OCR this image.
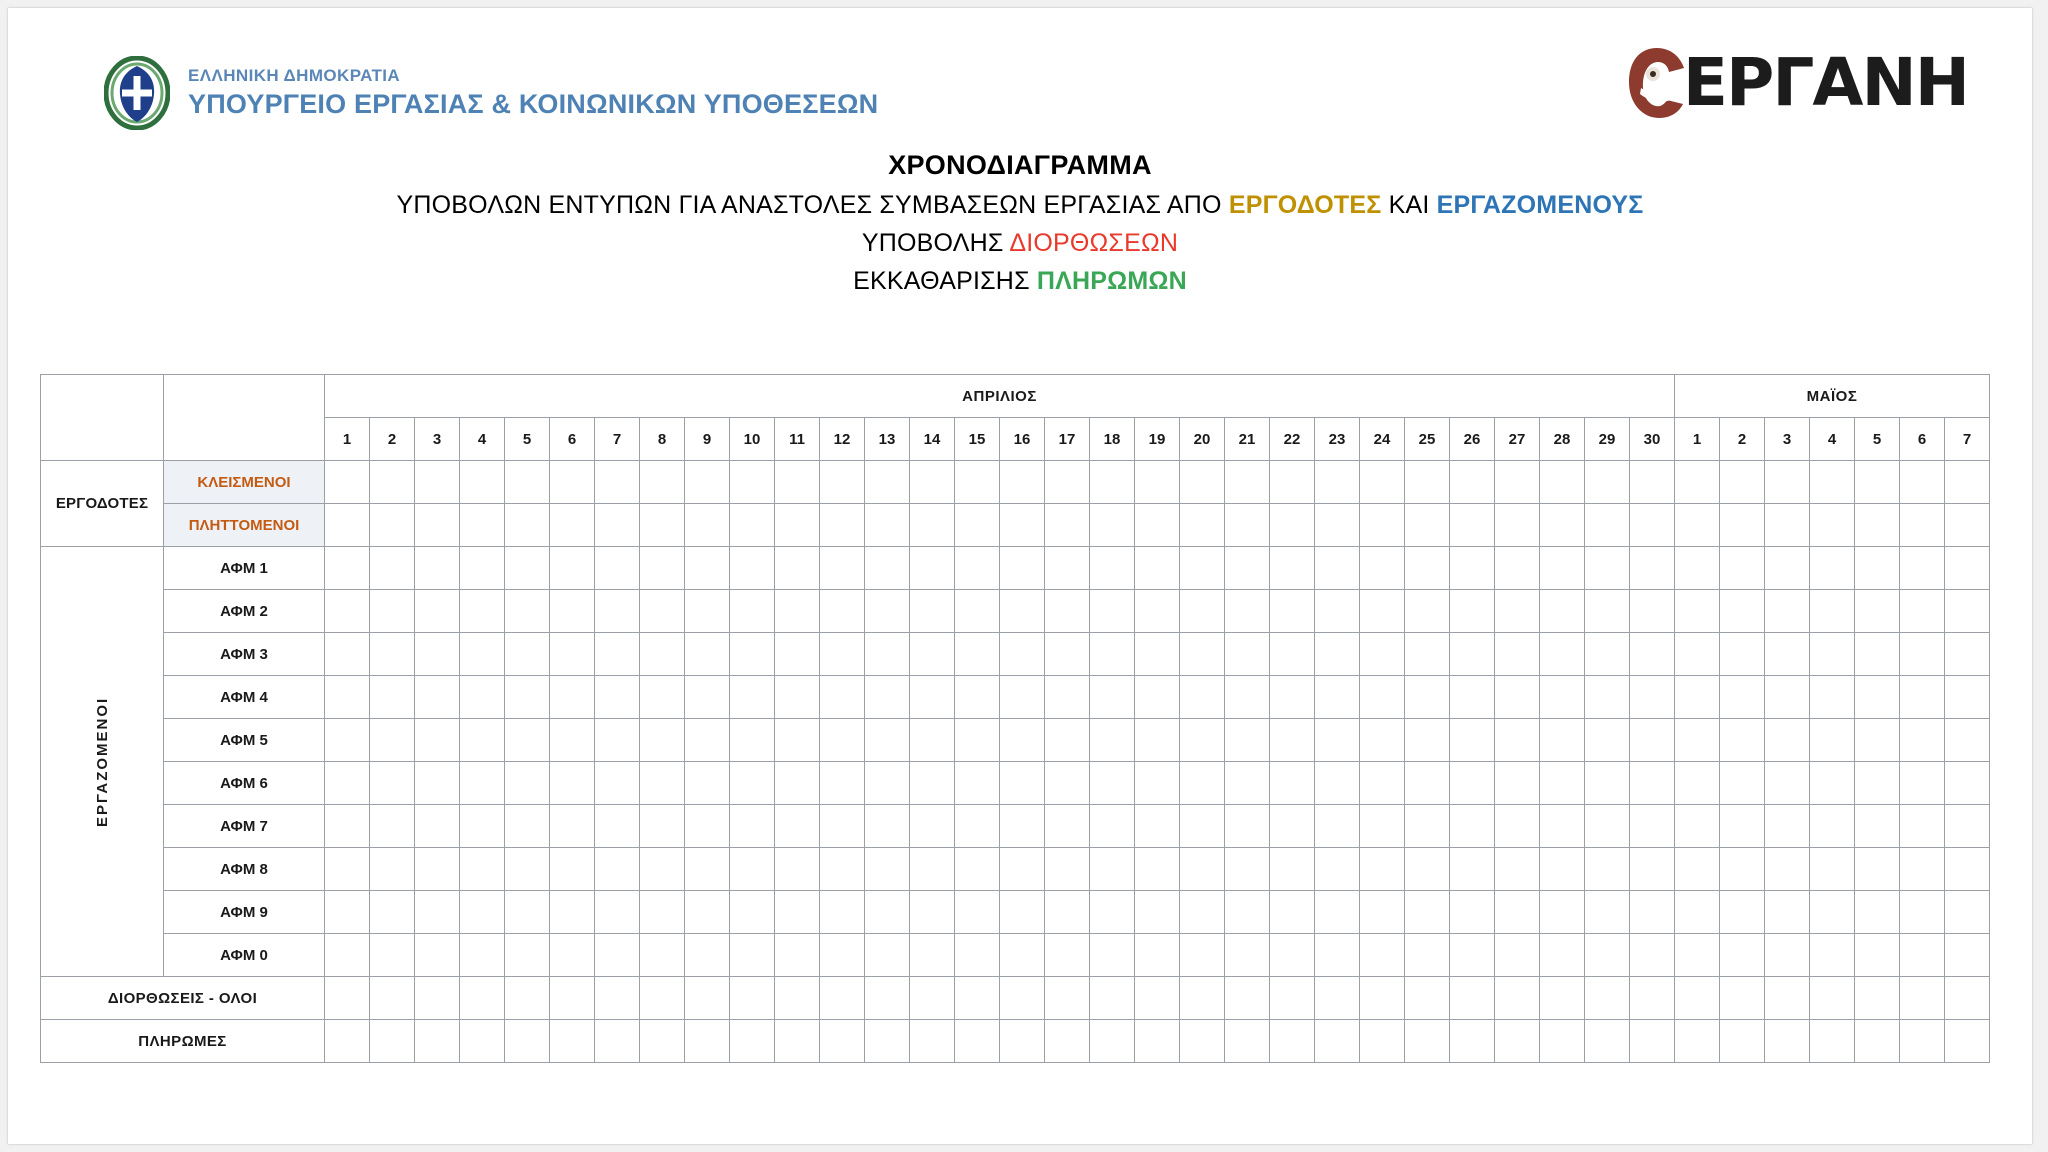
ΕΛΛΗΝΙΚΗ ΔΗΜΟΚΡΑΤΙΑ
ΥΠΟΥΡΓΕΙΟ ΕΡΓΑΣΙΑΣ & ΚΟΙΝΩΝΙΚΩΝ ΥΠΟΘΕΣΕΩΝ	ΕΡΓΑΝΗ
ΧΡΟΝΟΔΙΑΓΡΑΜΜΑ
ΥΠΟΒΟΛΩΝ ΕΝΤΥΠΩΝ ΓΙΑ ΑΝΑΣΤΟΛΕΣ ΣΥΜΒΑΣΕΩΝ ΕΡΓΑΣΙΑΣ ΑΠΟ ΕΡΓΟΔΟΤΕΣ ΚΑΙ ΕΡΓΑΖΟΜΕΝΟΥΣ
ΥΠΟΒΟΛΗΣ ΔΙΟΡΘΩΣΕΩΝ
ΕΚΚΑΘΑΡΙΣΗΣ ΠΛΗΡΩΜΩΝ
		ΑΠΡΙΛΙΟΣ																														ΜΑΪΟΣ						
		1	2	3	4	5	6	7	8	9	10	11	12	13	14	15	16	17	18	19	20	21	22	23	24	25	26	27	28	29	30	1	2	3	4	5	6	7
ΕΡΓΟΔΟΤΕΣ	ΚΛΕΙΣΜΕΝΟΙ																																					
	ΠΛΗΤΤΟΜΕΝΟΙ																																					
ΕΡΓΑΖΟΜΕΝΟΙ	ΑΦΜ 1																																					
	ΑΦΜ 2																																					
	ΑΦΜ 3																																					
	ΑΦΜ 4																																					
	ΑΦΜ 5																																					
	ΑΦΜ 6																																					
	ΑΦΜ 7																																					
	ΑΦΜ 8																																					
	ΑΦΜ 9																																					
	ΑΦΜ 0																																					
ΔΙΟΡΘΩΣΕΙΣ - ΟΛΟΙ																																						
ΠΛΗΡΩΜΕΣ																																						
